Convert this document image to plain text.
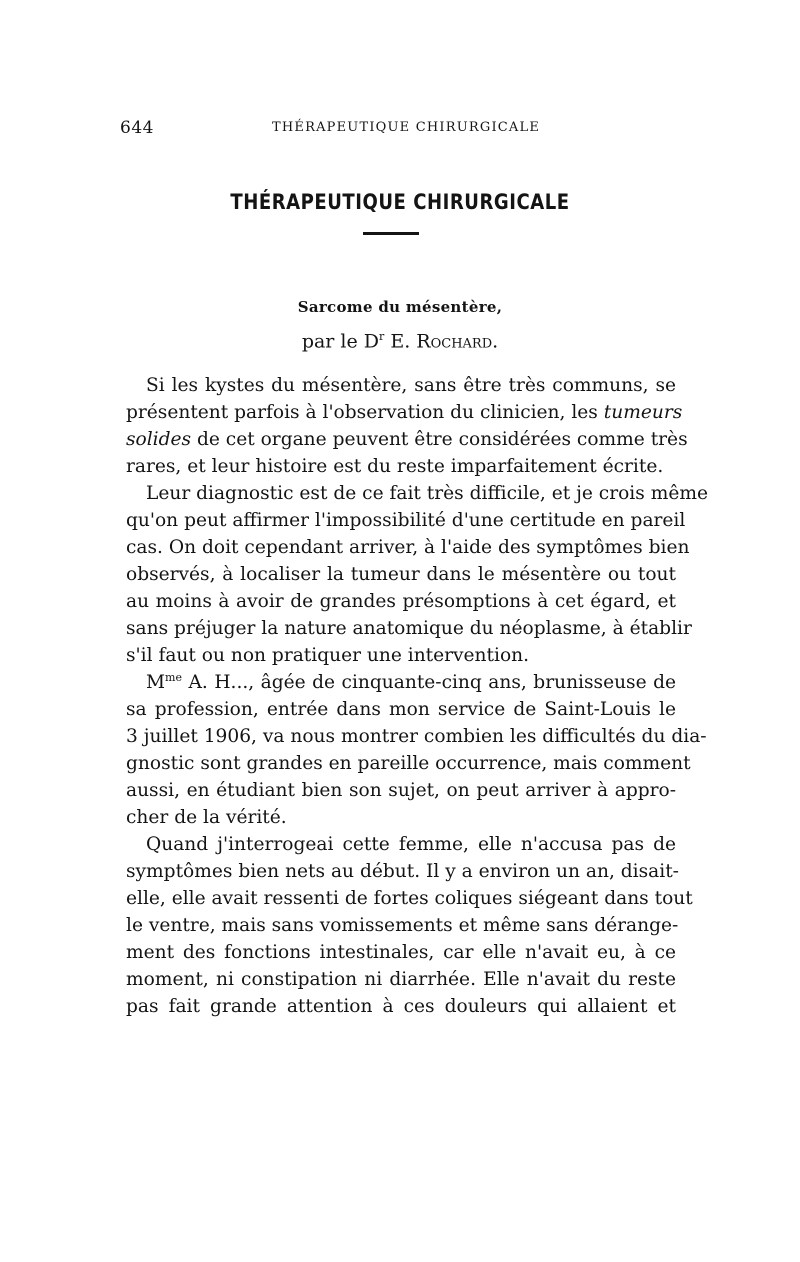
644	THÉRAPEUTIQUE CHIRURGICALE
THÉRAPEUTIQUE CHIRURGICALE
Sarcome du mésentère,
par le $D^r$ E. Rochard.
Si les kystes du mésentère, sans être très communs, se
présentent parfois à l'observation du clinicien, les tumeurs
solides de cet organe peuvent être considérées comme très
rares, et leur histoire est du reste imparfaitement écrite.
Leur diagnostic est de ce fait très difficile, et je crois même
qu'on peut affirmer l'impossibilité d'une certitude en pareil
cas. On doit cependant arriver, à l'aide des symptômes bien
observés, à localiser la tumeur dans le mésentère ou tout
au moins à avoir de grandes présomptions à cet égard, et
sans préjuger la nature anatomique du néoplasme, à établir
s'il faut ou non pratiquer une intervention.
$M^{me}$ A. H..., âgée de cinquante-cinq ans, brunisseuse de
sa profession, entrée dans mon service de Saint-Louis le
3 juillet 1906, va nous montrer combien les difficultés du dia-
gnostic sont grandes en pareille occurrence, mais comment
aussi, en étudiant bien son sujet, on peut arriver à appro-
cher de la vérité.
Quand j'interrogeai cette femme, elle n'accusa pas de
symptômes bien nets au début. Il y a environ un an, disait-
elle, elle avait ressenti de fortes coliques siégeant dans tout
le ventre, mais sans vomissements et même sans dérange-
ment des fonctions intestinales, car elle n'avait eu, à ce
moment, ni constipation ni diarrhée. Elle n'avait du reste
pas fait grande attention à ces douleurs qui allaient et
